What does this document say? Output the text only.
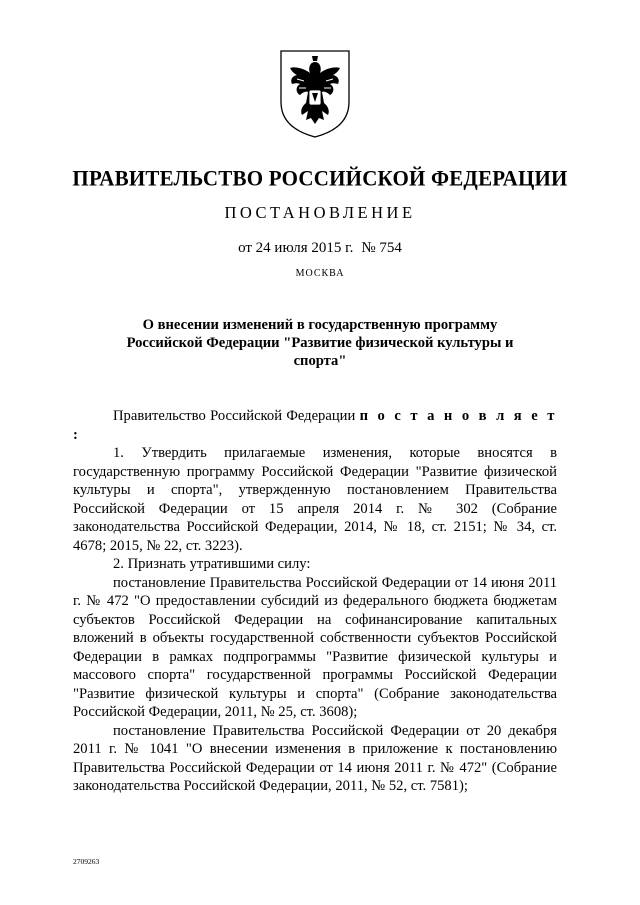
ПРАВИТЕЛЬСТВО РОССИЙСКОЙ ФЕДЕРАЦИИ
ПОСТАНОВЛЕНИЕ
от 24 июля 2015 г. № 754
МОСКВА
О внесении изменений в государственную программу Российской Федерации "Развитие физической культуры и спорта"

Правительство Российской Федерации п о с т а н о в л я е т :

1. Утвердить прилагаемые изменения, которые вносятся в государственную программу Российской Федерации "Развитие физической культуры и спорта", утвержденную постановлением Правительства Российской Федерации от 15 апреля 2014 г. № 302 (Собрание законодательства Российской Федерации, 2014, № 18, ст. 2151; № 34, ст. 4678; 2015, № 22, ст. 3223).

2. Признать утратившими силу:

постановление Правительства Российской Федерации от 14 июня 2011 г. № 472 "О предоставлении субсидий из федерального бюджета бюджетам субъектов Российской Федерации на софинансирование капитальных вложений в объекты государственной собственности субъектов Российской Федерации в рамках подпрограммы "Развитие физической культуры и массового спорта" государственной программы Российской Федерации "Развитие физической культуры и спорта" (Собрание законодательства Российской Федерации, 2011, № 25, ст. 3608);

постановление Правительства Российской Федерации от 20 декабря 2011 г. № 1041 "О внесении изменения в приложение к постановлению Правительства Российской Федерации от 14 июня 2011 г. № 472" (Собрание законодательства Российской Федерации, 2011, № 52, ст. 7581);

2709263
